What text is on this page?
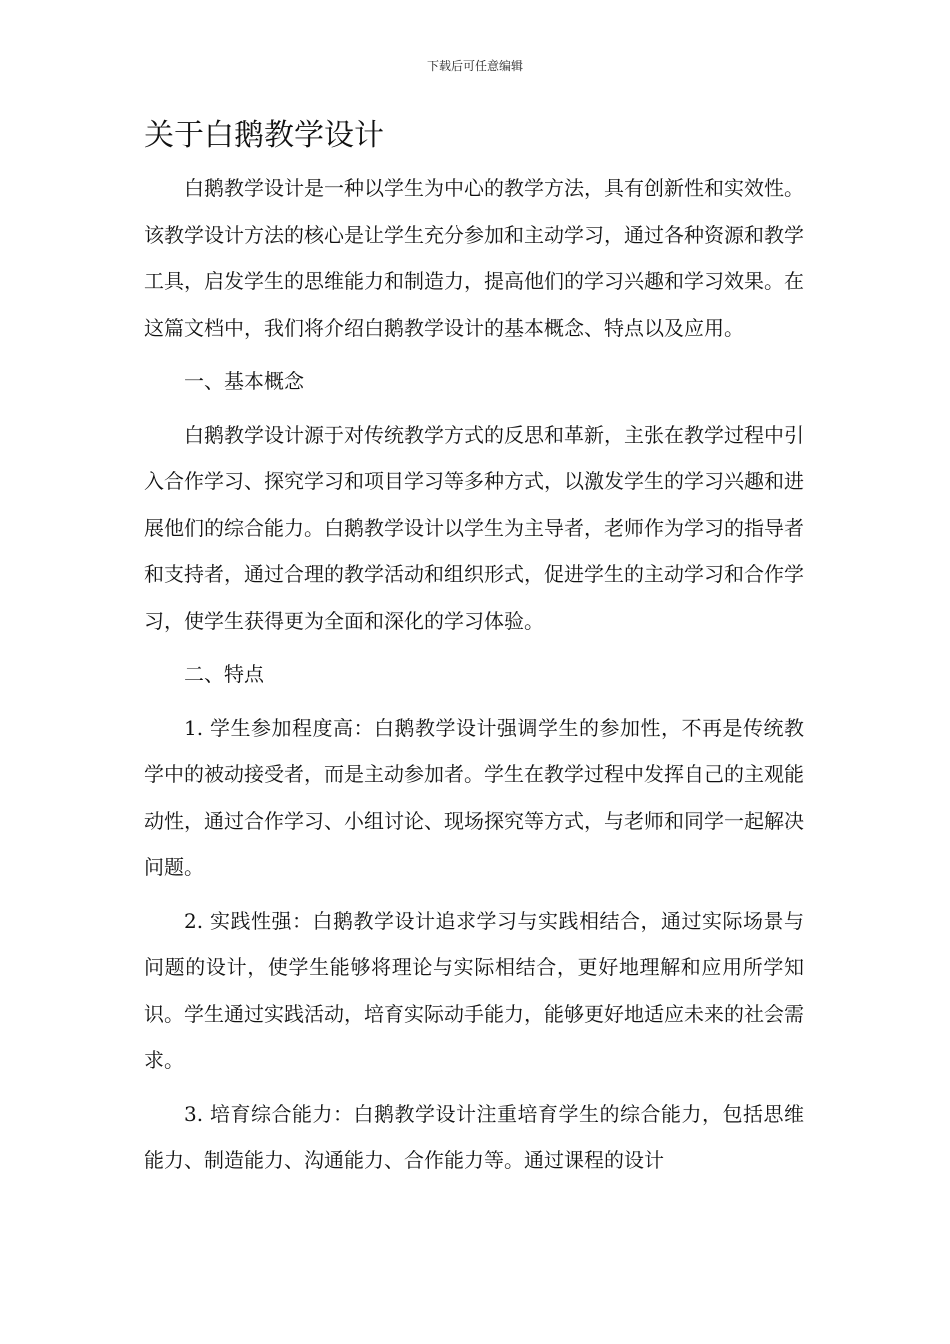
下载后可任意编辑
关于白鹅教学设计

白鹅教学设计是一种以学生为中心的教学方法，具有创新性和实效性。该教学设计方法的核心是让学生充分参加和主动学习，通过各种资源和教学工具，启发学生的思维能力和制造力，提高他们的学习兴趣和学习效果。在这篇文档中，我们将介绍白鹅教学设计的基本概念、特点以及应用。

一、基本概念

白鹅教学设计源于对传统教学方式的反思和革新，主张在教学过程中引入合作学习、探究学习和项目学习等多种方式，以激发学生的学习兴趣和进展他们的综合能力。白鹅教学设计以学生为主导者，老师作为学习的指导者和支持者，通过合理的教学活动和组织形式，促进学生的主动学习和合作学习，使学生获得更为全面和深化的学习体验。

二、特点

1. 学生参加程度高：白鹅教学设计强调学生的参加性，不再是传统教学中的被动接受者，而是主动参加者。学生在教学过程中发挥自己的主观能动性，通过合作学习、小组讨论、现场探究等方式，与老师和同学一起解决问题。

2. 实践性强：白鹅教学设计追求学习与实践相结合，通过实际场景与问题的设计，使学生能够将理论与实际相结合，更好地理解和应用所学知识。学生通过实践活动，培育实际动手能力，能够更好地适应未来的社会需求。

3. 培育综合能力：白鹅教学设计注重培育学生的综合能力，包括思维能力、制造能力、沟通能力、合作能力等。通过课程的设计
